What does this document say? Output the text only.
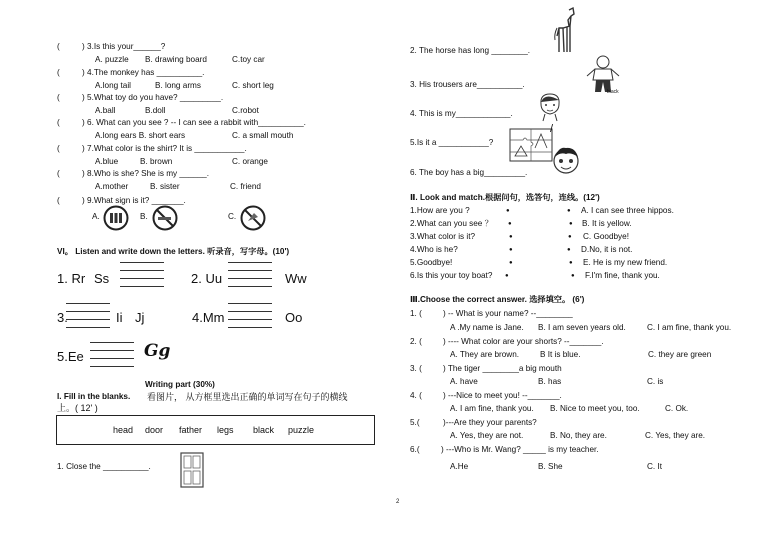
(	) 3.Is this your______?
A. puzzle B. drawing board	C.toy car
(	) 4.The monkey has __________.
A.long tail	B. long arms	C. short leg
(	) 5.What toy do you have? _________.
A.ball	B.doll	C.robot
(	) 6. What can you see ? -- I can see a rabbit with__________.
A.long ears B. short ears	C. a small mouth
(	) 7.What color is the shirt? It is ___________.
A.blue	B. brown	C. orange
(	) 8.Who is she? She is my ______.
A.mother	B. sister	C. friend
(	) 9.What sign is it? _______.
A.	B.	C.
VI。 Listen and write down the letters. 听录音，写字母。(10')
1. Rr Ss	2. Uu	Ww
3.	Ii Jj	4.Mm	Oo
5.Ee	Gg
Writing part (30%)
I. Fill in the blanks. 看图片， 从方框里选出正确的单词写在句子的横线
上。( 12' )
head door father legs black puzzle
1. Close the __________.
2. The horse has long ________.
3. His trousers are__________.
black
4. This is my____________.
5.Is it a ___________?
/
6. The boy has a big_________.
Ⅱ. Look and match.根据问句，选答句，连线。(12')
1.How are you ?	●	● A. I can see three hippos.
2.What can you see ？	●	● B. It is yellow.
3.What color is it?	●	● C. Goodbye!
4.Who is he?	●	● D.No, it is not.
5.Goodbye!	●	● E. He is my new friend.
6.Is this your toy boat? ●	● F.I'm fine, thank you.
Ⅲ.Choose the correct answer. 选择填空。 (6')
1. (	) -- What is your name? --________
A .My name is Jane. B. I am seven years old.	C. I am fine, thank you.
2. (	) ---- What color are your shorts? --_______.
A. They are brown.	B It is blue.	C. they are green
3. (	) The tiger ________a big mouth
A. have	B. has	C. is
4. (	) ---Nice to meet you! --_______.
A. I am fine, thank you. B. Nice to meet you, too.	C. Ok.
5.(	)---Are they your parents?
A. Yes, they are not.	B. No, they are.	C. Yes, they are.
6.(	) ---Who is Mr. Wang? _____ is my teacher.
A.He	B. She	C. It
2
